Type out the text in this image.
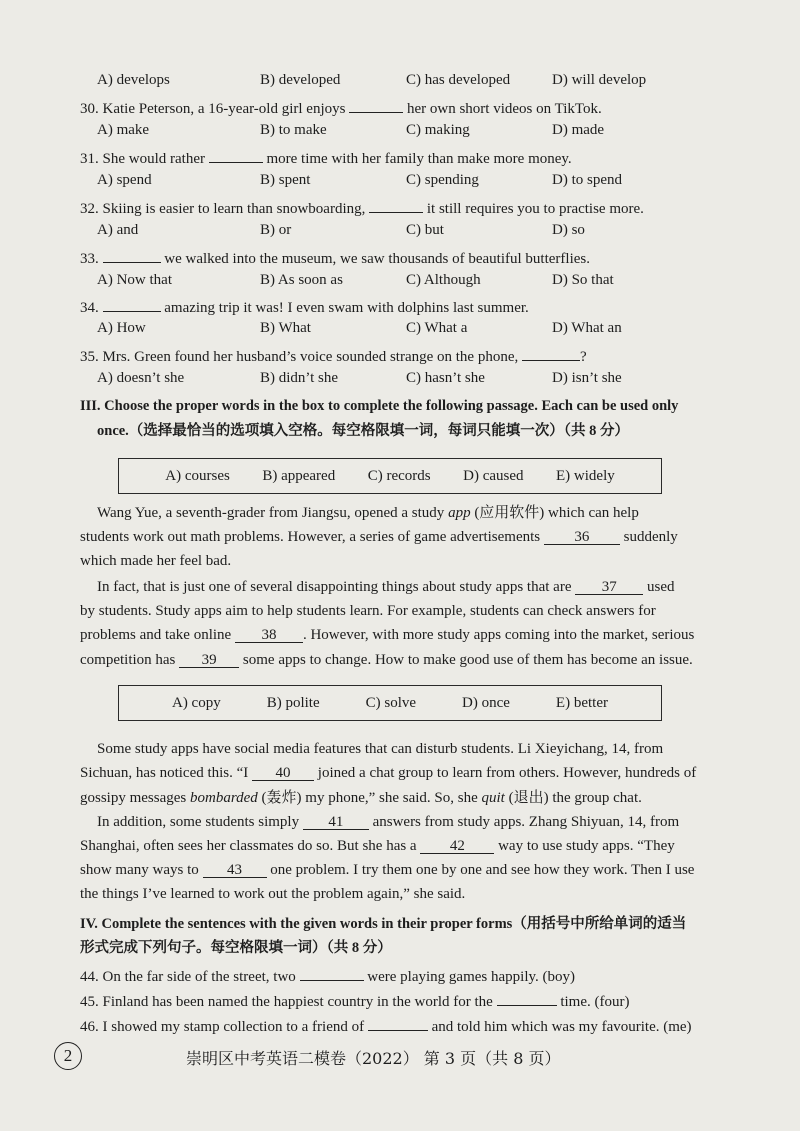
A) develops	B) developed	C) has developed	D) will develop
30. Katie Peterson, a 16-year-old girl enjoys	her own short videos on TikTok.
A) make	B) to make	C) making	D) made
31. She would rather	more time with her family than make more money.
A) spend	B) spent	C) spending	D) to spend
32. Skiing is easier to learn than snowboarding,	it still requires you to practise more.
A) and	B) or	C) but	D) so
33.	we walked into the museum, we saw thousands of beautiful butterflies.
A) Now that	B) As soon as	C) Although	D) So that
34.	amazing trip it was! I even swam with dolphins last summer.
A) How	B) What	C) What a	D) What an
35. Mrs. Green found her husband’s voice sounded strange on the phone,	?
A) doesn’t she	B) didn’t she	C) hasn’t she	D) isn’t she
III. Choose the proper words in the box to complete the following passage. Each can be used only
once.（选择最恰当的选项填入空格。每空格限填一词，每词只能填一次）（共 8 分）
A) courses B) appeared C) records D) caused E) widely
Wang Yue, a seventh-grader from Jiangsu, opened a study app (应用软件) which can help
students work out math problems. However, a series of game advertisements 36 suddenly
which made her feel bad.
In fact, that is just one of several disappointing things about study apps that are 37 used
by students. Study apps aim to help students learn. For example, students can check answers for
problems and take online 38 . However, with more study apps coming into the market, serious
competition has 39 some apps to change. How to make good use of them has become an issue.
A) copy	B) polite	C) solve	D) once	E) better
Some study apps have social media features that can disturb students. Li Xieyichang, 14, from
Sichuan, has noticed this. “I 40 joined a chat group to learn from others. However, hundreds of
gossipy messages bombarded (轰炸) my phone,” she said. So, she quit (退出) the group chat.
In addition, some students simply 41 answers from study apps. Zhang Shiyuan, 14, from
Shanghai, often sees her classmates do so. But she has a 42 way to use study apps. “They
show many ways to 43 one problem. I try them one by one and see how they work. Then I use
the things I’ve learned to work out the problem again,” she said.
IV. Complete the sentences with the given words in their proper forms（用括号中所给单词的适当
形式完成下列句子。每空格限填一词）（共 8 分）
44. On the far side of the street, two	were playing games happily. (boy)
45. Finland has been named the happiest country in the world for the	time. (four)
46. I showed my stamp collection to a friend of	and told him which was my favourite. (me)
2	崇明区中考英语二模卷（2022） 第 3 页（共 8 页）
